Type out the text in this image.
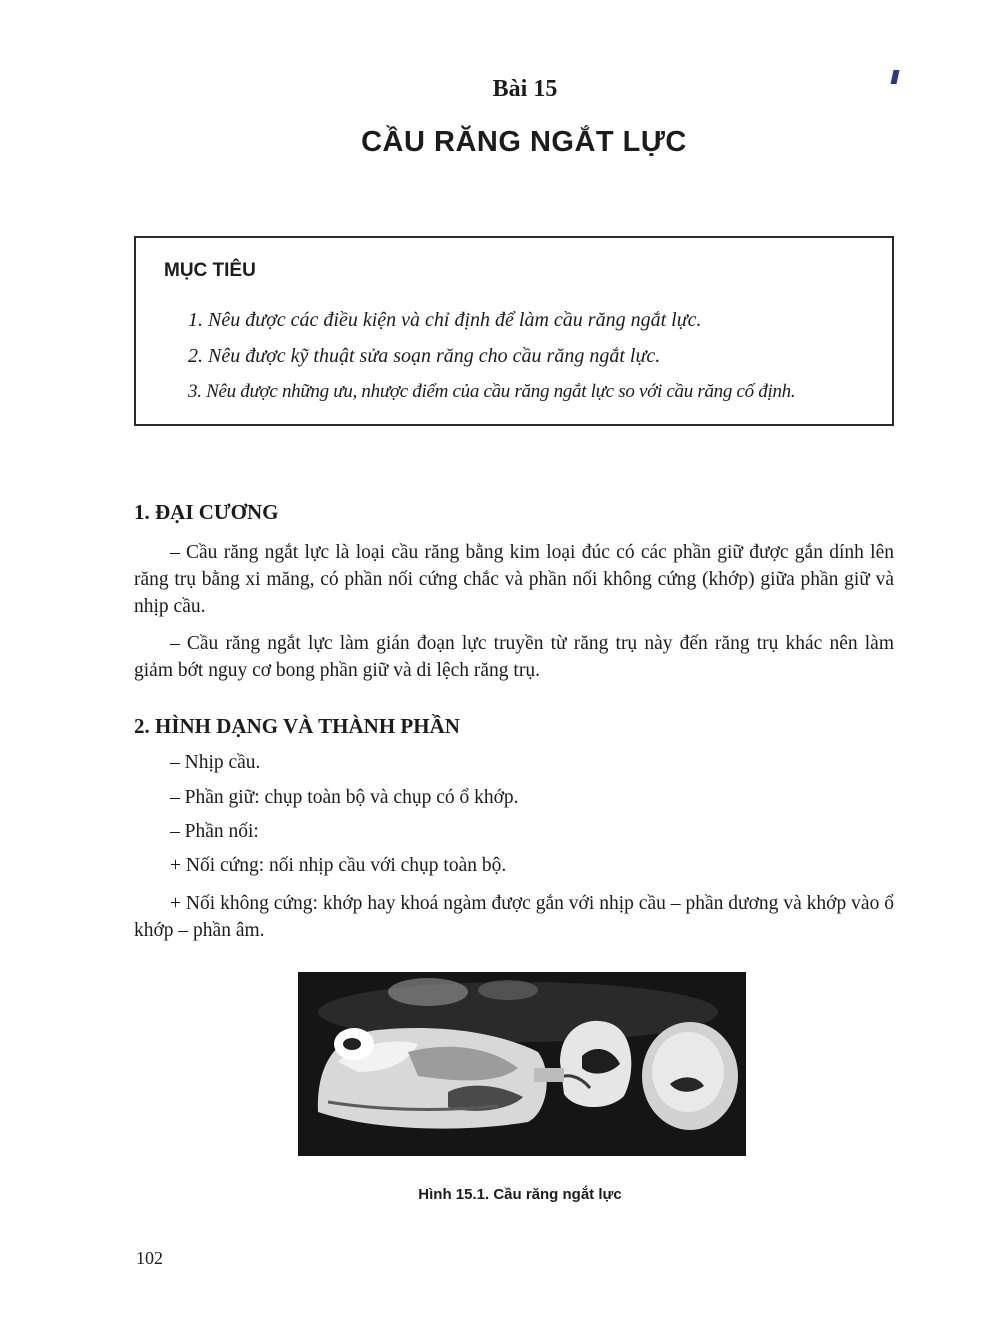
Bài 15
CẦU RĂNG NGẮT LỰC
MỤC TIÊU
1. Nêu được các điều kiện và chỉ định để làm cầu răng ngắt lực.
2. Nêu được kỹ thuật sửa soạn răng cho cầu răng ngắt lực.
3. Nêu được những ưu, nhược điểm của cầu răng ngắt lực so với cầu răng cố định.
1. ĐẠI CƯƠNG

– Cầu răng ngắt lực là loại cầu răng bằng kim loại đúc có các phần giữ được gắn dính lên răng trụ bằng xi măng, có phần nối cứng chắc và phần nối không cứng (khớp) giữa phần giữ và nhịp cầu.

– Cầu răng ngắt lực làm gián đoạn lực truyền từ răng trụ này đến răng trụ khác nên làm giảm bớt nguy cơ bong phần giữ và di lệch răng trụ.

2. HÌNH DẠNG VÀ THÀNH PHẦN
– Nhịp cầu.
– Phần giữ: chụp toàn bộ và chụp có ổ khớp.
– Phần nối:
+ Nối cứng: nối nhịp cầu với chụp toàn bộ.

+ Nối không cứng: khớp hay khoá ngàm được gắn với nhịp cầu – phần dương và khớp vào ổ khớp – phần âm.

Hình 15.1. Cầu răng ngắt lực
102
